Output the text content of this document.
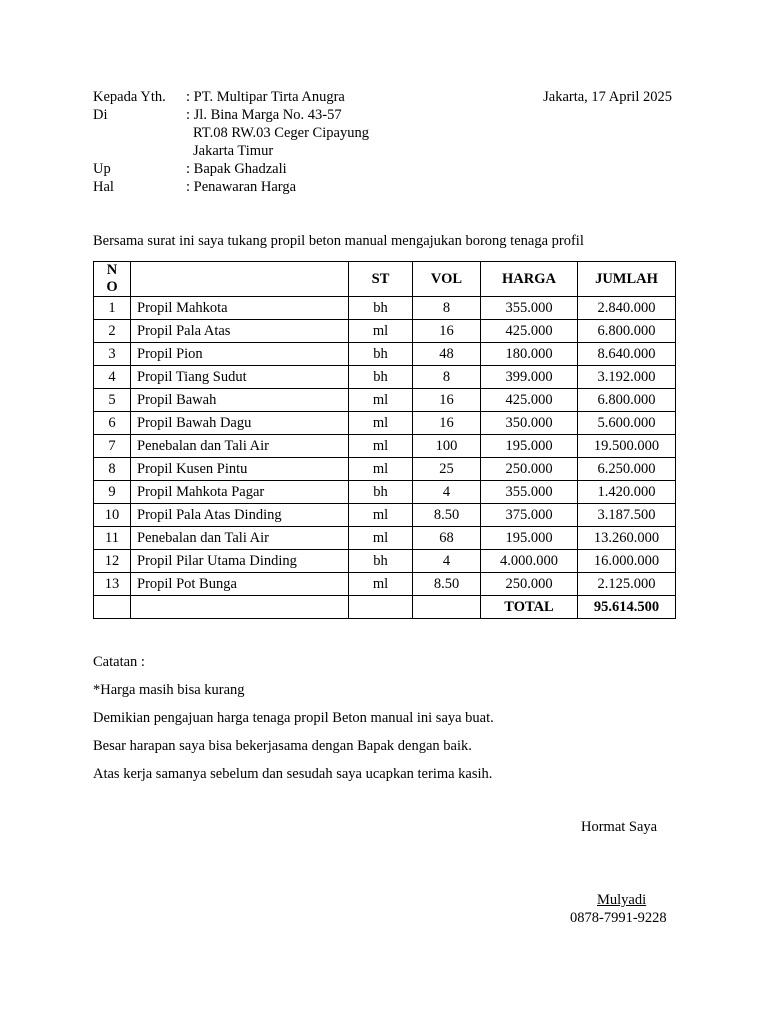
Kepada Yth. : PT. Multipar Tirta Anugra	Jakarta, 17 April 2025
Di	: Jl. Bina Marga No. 43-57
RT.08 RW.03 Ceger Cipayung
Jakarta Timur
Up	: Bapak Ghadzali
Hal	: Penawaran Harga
Bersama surat ini saya tukang propil beton manual mengajukan borong tenaga profil
N
O		ST	VOL	HARGA	JUMLAH
1	Propil Mahkota	bh	8	355.000	2.840.000
2	Propil Pala Atas	ml	16	425.000	6.800.000
3	Propil Pion	bh	48	180.000	8.640.000
4	Propil Tiang Sudut	bh	8	399.000	3.192.000
5	Propil Bawah	ml	16	425.000	6.800.000
6	Propil Bawah Dagu	ml	16	350.000	5.600.000
7	Penebalan dan Tali Air	ml	100	195.000	19.500.000
8	Propil Kusen Pintu	ml	25	250.000	6.250.000
9	Propil Mahkota Pagar	bh	4	355.000	1.420.000
10	Propil Pala Atas Dinding	ml	8.50	375.000	3.187.500
11	Penebalan dan Tali Air	ml	68	195.000	13.260.000
12	Propil Pilar Utama Dinding	bh	4	4.000.000	16.000.000
13	Propil Pot Bunga	ml	8.50	250.000	2.125.000
				TOTAL	95.614.500
Catatan :
*Harga masih bisa kurang
Demikian pengajuan harga tenaga propil Beton manual ini saya buat.
Besar harapan saya bisa bekerjasama dengan Bapak dengan baik.
Atas kerja samanya sebelum dan sesudah saya ucapkan terima kasih.
Hormat Saya
Mulyadi
0878-7991-9228
